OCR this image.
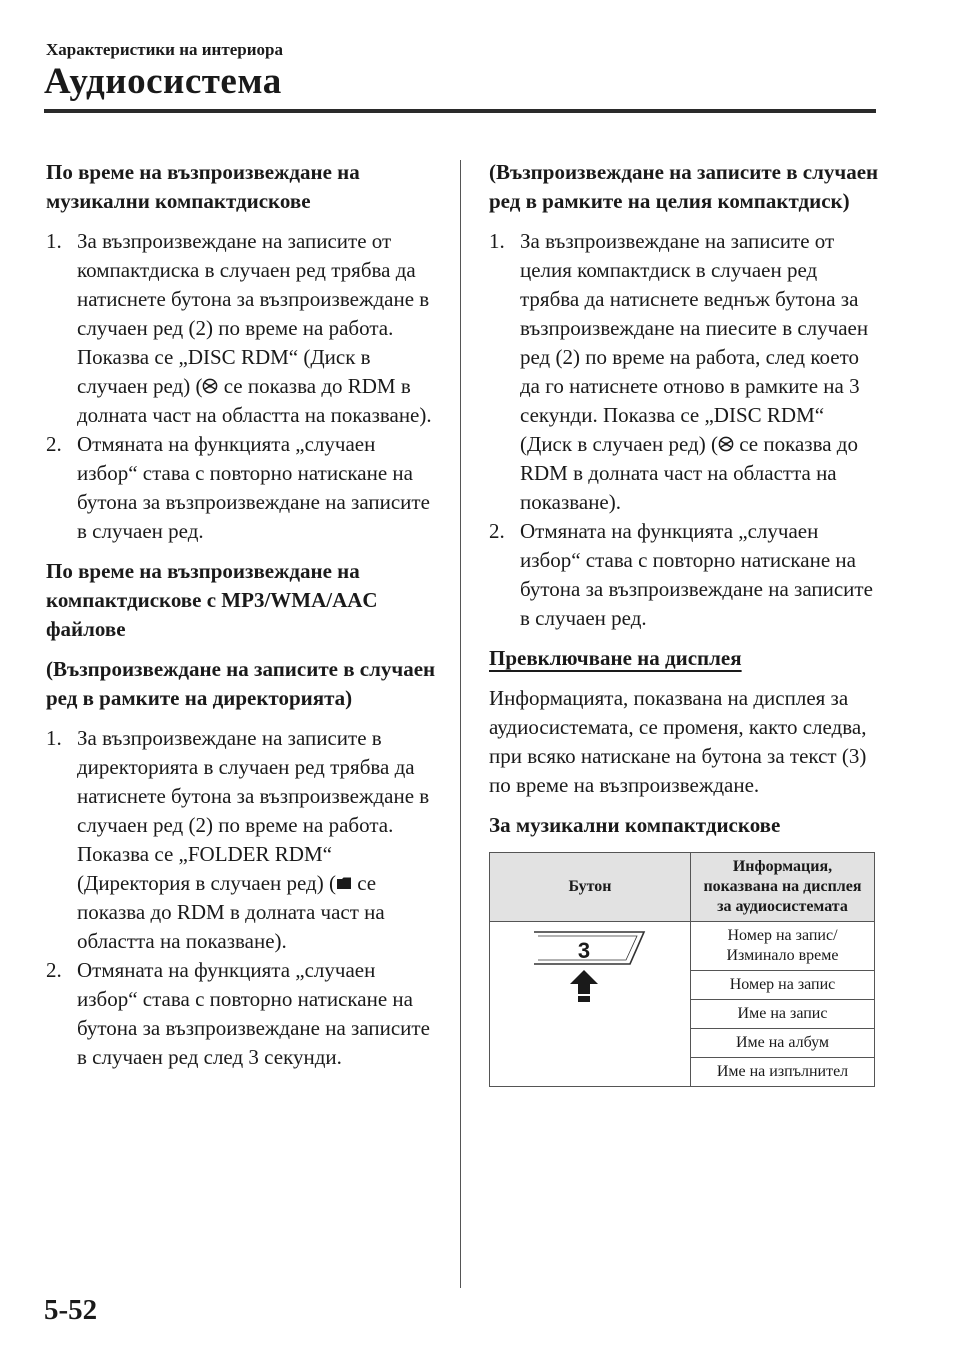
Характеристики на интериора
Аудиосистема
По време на възпроизвеждане на музикални компактдискове
1. За възпроизвеждане на записите от компактдиска в случаен ред трябва да натиснете бутона за възпроизвеждане в случаен ред (2) по време на работа. Показва се „DISC RDM“ (Диск в случаен ред) ( се показва до RDM в долната част на областта на показване).
2. Отмяната на функцията „случаен избор“ става с повторно натискане на бутона за възпроизвеждане на записите в случаен ред.
По време на възпроизвеждане на компактдискове с MP3/WMA/AAC файлове
(Възпроизвеждане на записите в случаен ред в рамките на директорията)
1. За възпроизвеждане на записите в директорията в случаен ред трябва да натиснете бутона за възпроизвеждане в случаен ред (2) по време на работа. Показва се „FOLDER RDM“ (Директория в случаен ред) ( се показва до RDM в долната част на областта на показване).
2. Отмяната на функцията „случаен избор“ става с повторно натискане на бутона за възпроизвеждане на записите в случаен ред след 3 секунди.
(Възпроизвеждане на записите в случаен ред в рамките на целия компактдиск)
1. За възпроизвеждане на записите от целия компактдиск в случаен ред трябва да натиснете веднъж бутона за възпроизвеждане на пиесите в случаен ред (2) по време на работа, след което да го натиснете отново в рамките на 3 секунди. Показва се „DISC RDM“ (Диск в случаен ред) ( се показва до RDM в долната част на областта на показване).
2. Отмяната на функцията „случаен избор“ става с повторно натискане на бутона за възпроизвеждане на записите в случаен ред.
Превключване на дисплея

Информацията, показвана на дисплея за аудиосистемата, се променя, както следва, при всяко натискане на бутона за текст (3) по време на възпроизвеждане.

За музикални компактдискове
Бутон	Информация, показвана на дисплея за аудиосистемата

3	Номер на запис/Изминало време
	Номер на запис
	Име на запис
	Име на албум
	Име на изпълнител
5-52
